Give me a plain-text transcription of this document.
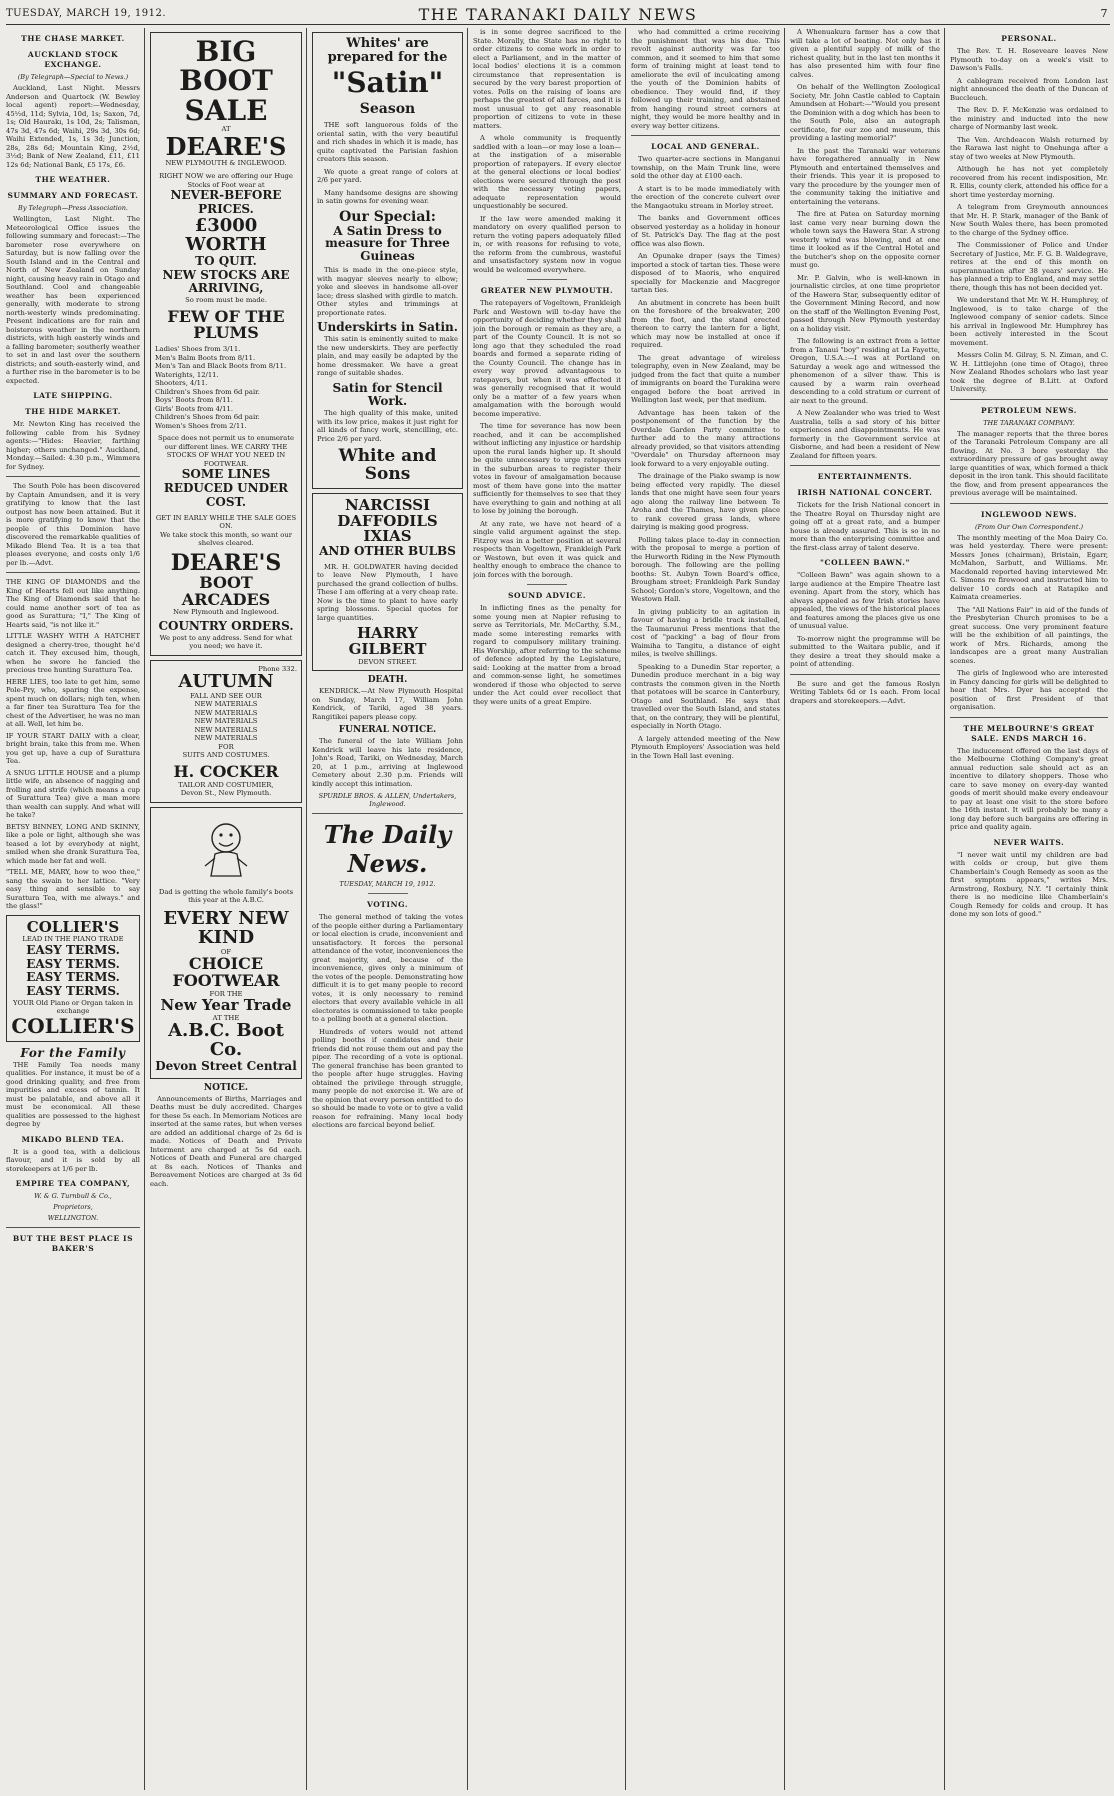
TUESDAY, MARCH 19, 1912.	THE TARANAKI DAILY NEWS	7
THE CHASE MARKET.
AUCKLAND STOCK EXCHANGE.
(By Telegraph—Special to News.)

Auckland, Last Night. Messrs Anderson and Quartock (W. Bewley local agent) report:—Wednesday, 45½d, 11d; Sylvia, 10d, 1s; Saxon, 7d, 1s; Old Haurakı, 1s 10d, 2s; Talisman, 47s 3d, 47s 6d; Waihi, 29s 3d, 30s 6d; Waihi Extended, 1s, 1s 3d; Junction, 28s, 28s 6d; Mountain King, 2½d, 3½d; Bank of New Zealand, £11, £11 12s 6d; National Bank, £5 17s, £6.

THE WEATHER.
SUMMARY AND FORECAST.
By Telegraph—Press Association.

Wellington, Last Night. The Meteorological Office issues the following summary and forecast:—The barometer rose everywhere on Saturday, but is now falling over the South Island and in the Central and North of New Zealand on Sunday night, causing heavy rain in Otago and Southland. Cool and changeable weather has been experienced generally, with moderate to strong north-westerly winds predominating. Present indications are for rain and boisterous weather in the northern districts, with high easterly winds and a falling barometer; southerly weather to set in and last over the southern districts; and south-easterly wind, and a further rise in the barometer is to be expected.

LATE SHIPPING.
THE HIDE MARKET.

Mr. Newton King has received the following cable from his Sydney agents:—"Hides: Heavier, farthing higher; others unchanged." Auckland, Monday.—Sailed: 4.30 p.m., Wimmera for Sydney.

The South Pole has been discovered by Captain Amundsen, and it is very gratifying to know that the last outpost has now been attained. But it is more gratifying to know that the people of this Dominion have discovered the remarkable qualities of Mikado Blend Tea. It is a tea that pleases everyone, and costs only 1/6 per lb.—Advt.

THE KING OF DIAMONDS and the King of Hearts fell out like anything. The King of Diamonds said that he could name another sort of tea as good as Surattura; "I," The King of Hearts said, "is not like it."

LITTLE WASHY WITH A HATCHET designed a cherry-tree, thought he'd catch it. They excused him, though, when he swore he fancied the precious tree hunting Surattura Tea.

HERE LIES, too late to get him, some Pole-Pry, who, sparing the expense, spent much on dollars; nigh ten, when a far finer tea Surattura Tea for the chest of the Advertiser, he was no man at all. Well, let him be.

IF YOUR START DAILY with a clear, bright brain, take this from me. When you get up, have a cup of Surattura Tea.

A SNUG LITTLE HOUSE and a plump little wife, an absence of nagging and frolling and strife (which means a cup of Surattura Tea) give a man more than wealth can supply. And what will he take?

BETSY BINNEY, LONG AND SKINNY, like a pole or light, although she was teased a lot by everybody at night, smiled when she drank Surattura Tea, which made her fat and well.

"TELL ME, MARY, how to woo thee," sang the swain to her lattice. "Very easy thing and sensible to say Surattura Tea, with me always." and the glass!"

COLLIER'S
LEAD IN THE PIANO TRADE
EASY TERMS.
EASY TERMS.
EASY TERMS.
EASY TERMS.
YOUR Old Piano or Organ taken in exchange
COLLIER'S
For the Family

THE Family Tea needs many qualities. For instance, it must be of a good drinking quality, and free from impurities and excess of tannin. It must be palatable, and above all it must be economical. All these qualities are possessed to the highest degree by

MIKADO BLEND TEA.

It is a good tea, with a delicious flavour, and it is sold by all storekeepers at 1/6 per lb.

EMPIRE TEA COMPANY,
W. & G. Turnbull & Co.,
Proprietors,
WELLINGTON.
BUT THE BEST PLACE IS BAKER'S
BIG BOOT SALE
AT
DEARE'S
NEW PLYMOUTH & INGLEWOOD.
RIGHT NOW we are offering our Huge Stocks of Foot wear at
NEVER-BEFORE PRICES.
£3000 WORTH
TO QUIT.
NEW STOCKS ARE ARRIVING,
So room must be made.
FEW OF THE PLUMS
Ladies' Shoes from 3/11.
Men's Balm Boots from 8/11.
Men's Tan and Black Boots from 8/11.
Waterights, 12/11.
Shooters, 4/11.
Children's Shoes from 6d pair.
Boys' Boots from 8/11.
Girls' Boots from 4/11.
Children's Shoes from 6d pair.
Women's Shoes from 2/11.
Space does not permit us to enumerate our different lines. WE CARRY THE STOCKS OF WHAT YOU NEED IN FOOTWEAR.
SOME LINES REDUCED UNDER COST.
GET IN EARLY WHILE THE SALE GOES ON.
We take stock this month, so want our shelves cleared.
DEARE'S
BOOT ARCADES
New Plymouth and Inglewood.
COUNTRY ORDERS.
We post to any address. Send for what you need; we have it.
Phone 332.
AUTUMN
FALL AND SEE OUR
NEW MATERIALS
NEW MATERIALS
NEW MATERIALS
NEW MATERIALS
NEW MATERIALS
FOR
SUITS AND COSTUMES.
H. COCKER
TAILOR AND COSTUMIER,
Devon St., New Plymouth.
Dad is getting the whole family's boots this year at the A.B.C.
EVERY NEW KIND
OF
CHOICE FOOTWEAR
FOR THE
New Year Trade
AT THE
A.B.C. Boot Co.
Devon Street Central
NOTICE.

Announcements of Births, Marriages and Deaths must be duly accredited. Charges for these 5s each. In Memoriam Notices are inserted at the same rates, but when verses are added an additional charge of 2s 6d is made. Notices of Death and Private Interment are charged at 5s 6d each. Notices of Death and Funeral are charged at 8s each. Notices of Thanks and Bereavement Notices are charged at 3s 6d each.

Whites' are
prepared for the
"Satin"
Season

THE soft languorous folds of the oriental satin, with the very beautiful and rich shades in which it is made, has quite captivated the Parisian fashion creators this season.

We quote a great range of colors at 2/6 per yard.

Many handsome designs are showing in satin gowns for evening wear.

Our Special:
A Satin Dress to measure for Three Guineas

This is made in the one-piece style, with magyar sleeves nearly to elbow; yoke and sleeves in handsome all-over lace; dress slashed with girdle to match. Other styles and trimmings at proportionate rates.

Underskirts in Satin.

This satin is eminently suited to make the new underskirts. They are perfectly plain, and may easily be adapted by the home dressmaker. We have a great range of suitable shades.

Satin for Stencil Work.

The high quality of this make, united with its low price, makes it just right for all kinds of fancy work, stencilling, etc. Price 2/6 per yard.

White and Sons
NARCISSI
DAFFODILS
IXIAS
AND OTHER BULBS

MR. H. GOLDWATER having decided to leave New Plymouth, I have purchased the grand collection of bulbs. These I am offering at a very cheap rate. Now is the time to plant to have early spring blossoms. Special quotes for large quantities.

HARRY GILBERT
DEVON STREET.
DEATH.

KENDRICK.—At New Plymouth Hospital on Sunday, March 17, William John Kendrick, of Tariki, aged 38 years. Rangitikei papers please copy.

FUNERAL NOTICE.

The funeral of the late William John Kendrick will leave his late residence, John's Road, Tariki, on Wednesday, March 20, at 1 p.m., arriving at Inglewood Cemetery about 2.30 p.m. Friends will kindly accept this intimation.

SPURDLE BROS. & ALLEN, Undertakers, Inglewood.
The Daily News.
TUESDAY, MARCH 19, 1912.
VOTING.

The general method of taking the votes of the people either during a Parliamentary or local election is crude, inconvenient and unsatisfactory. It forces the personal attendance of the voter, inconveniences the great majority, and, because of the inconvenience, gives only a minimum of the votes of the people. Demonstrating how difficult it is to get many people to record votes, it is only necessary to remind electors that every available vehicle in all electorates is commissioned to take people to a polling booth at a general election.

Hundreds of voters would not attend polling booths if candidates and their friends did not rouse them out and pay the piper. The recording of a vote is optional. The general franchise has been granted to the people after huge struggles. Having obtained the privilege through struggle, many people do not exercise it. We are of the opinion that every person entitled to do so should be made to vote or to give a valid reason for refraining. Many local body elections are farcical beyond belief.

is in some degree sacrificed to the State. Morally, the State has no right to order citizens to come work in order to elect a Parliament, and in the matter of local bodies' elections it is a common circumstance that representation is secured by the very barest proportion of votes. Polls on the raising of loans are perhaps the greatest of all farces, and it is most unusual to get any reasonable proportion of citizens to vote in these matters.

A whole community is frequently saddled with a loan—or may lose a loan—at the instigation of a miserable proportion of ratepayers. If every elector at the general elections or local bodies' elections were secured through the post with the necessary voting papers, adequate representation would unquestionably be secured.

If the law were amended making it mandatory on every qualified person to return the voting papers adequately filled in, or with reasons for refusing to vote, the reform from the cumbrous, wasteful and unsatisfactory system now in vogue would be welcomed everywhere.

GREATER NEW PLYMOUTH.

The ratepayers of Vogeltown, Frankleigh Park and Westown will to-day have the opportunity of deciding whether they shall join the borough or remain as they are, a part of the County Council. It is not so long ago that they scheduled the road boards and formed a separate riding of the County Council. The change has in every way proved advantageous to ratepayers, but when it was effected it was generally recognised that it would only be a matter of a few years when amalgamation with the borough would become imperative.

The time for severance has now been reached, and it can be accomplished without inflicting any injustice or hardship upon the rural lands higher up. It should be quite unnecessary to urge ratepayers in the suburban areas to register their votes in favour of amalgamation because most of them have gone into the matter sufficiently for themselves to see that they have everything to gain and nothing at all to lose by joining the borough.

At any rate, we have not heard of a single valid argument against the step. Fitzroy was in a better position at several respects than Vogeltown, Frankleigh Park or Westown, but even it was quick and healthy enough to embrace the chance to join forces with the borough.

SOUND ADVICE.

In inflicting fines as the penalty for some young men at Napier refusing to serve as Territorials, Mr. McCarthy, S.M., made some interesting remarks with regard to compulsory military training. His Worship, after referring to the scheme of defence adopted by the Legislature, said: Looking at the matter from a broad and common-sense light, he sometimes wondered if those who objected to serve under the Act could ever recollect that they were units of a great Empire.

who had committed a crime receiving the punishment that was his due. This revolt against authority was far too common, and it seemed to him that some form of training might at least tend to ameliorate the evil of inculcating among the youth of the Dominion habits of obedience. They would find, if they followed up their training, and abstained from hanging round street corners at night, they would be more healthy and in every way better citizens.

LOCAL AND GENERAL.

Two quarter-acre sections in Manganui township, on the Main Trunk line, were sold the other day at £100 each.

A start is to be made immediately with the erection of the concrete culvert over the Mangaotuku stream in Morley street.

The banks and Government offices observed yesterday as a holiday in honour of St. Patrick's Day. The flag at the post office was also flown.

An Opunake draper (says the Times) imported a stock of tartan ties. These were disposed of to Maoris, who enquired specially for Mackenzie and Macgregor tartan ties.

An abutment in concrete has been built on the foreshore of the breakwater, 200 from the foot, and the stand erected thereon to carry the lantern for a light, which may now be installed at once if required.

The great advantage of wireless telegraphy, even in New Zealand, may be judged from the fact that quite a number of immigrants on board the Turakina were engaged before the boat arrived in Wellington last week, per that medium.

Advantage has been taken of the postponement of the function by the Overdale Garden Party committee to further add to the many attractions already provided, so that visitors attending "Overdale" on Thursday afternoon may look forward to a very enjoyable outing.

The drainage of the Piako swamp is now being effected very rapidly. The diesel lands that one might have seen four years ago along the railway line between Te Aroha and the Thames, have given place to rank covered grass lands, where dairying is making good progress.

Polling takes place to-day in connection with the proposal to merge a portion of the Hurworth Riding in the New Plymouth borough. The following are the polling booths: St. Aubyn Town Board's office, Brougham street; Frankleigh Park Sunday School; Gordon's store, Vogeltown, and the Westown Hall.

In giving publicity to an agitation in favour of having a bridle track installed, the Taumarunui Press mentions that the cost of "packing" a bag of flour from Waimiha to Tangitu, a distance of eight miles, is twelve shillings.

Speaking to a Dunedin Star reporter, a Dunedin produce merchant in a big way contrasts the common given in the North that potatoes will be scarce in Canterbury, Otago and Southland. He says that travelled over the South Island, and states that, on the contrary, they will be plentiful, especially in North Otago.

A largely attended meeting of the New Plymouth Employers' Association was held in the Town Hall last evening.

A Whenuakura farmer has a cow that will take a lot of beating. Not only has it given a plentiful supply of milk of the richest quality, but in the last ten months it has also presented him with four fine calves.

On behalf of the Wellington Zoological Society, Mr. John Castle cabled to Captain Amundsen at Hobart:—"Would you present the Dominion with a dog which has been to the South Pole, also an autograph certificate, for our zoo and museum, this providing a lasting memorial?"

In the past the Taranaki war veterans have foregathered annually in New Plymouth and entertained themselves and their friends. This year it is proposed to vary the procedure by the younger men of the community taking the initiative and entertaining the veterans.

The fire at Patea on Saturday morning last came very near burning down the whole town says the Hawera Star. A strong westerly wind was blowing, and at one time it looked as if the Central Hotel and the butcher's shop on the opposite corner must go.

Mr. P. Galvin, who is well-known in journalistic circles, at one time proprietor of the Hawera Star, subsequently editor of the Government Mining Record, and now on the staff of the Wellington Evening Post, passed through New Plymouth yesterday on a holiday visit.

The following is an extract from a letter from a Tanaui "boy" residing at La Fayette, Oregon, U.S.A.:—I was at Portland on Saturday a week ago and witnessed the phenomenon of a silver thaw. This is caused by a warm rain overhead descending to a cold stratum or current of air next to the ground.

A New Zealander who was tried to West Australia, tells a sad story of his bitter experiences and disappointments. He was formerly in the Government service at Gisborne, and had been a resident of New Zealand for fifteen years.

ENTERTAINMENTS.
IRISH NATIONAL CONCERT.

Tickets for the Irish National concert in the Theatre Royal on Thursday night are going off at a great rate, and a bumper house is already assured. This is so in no more than the enterprising committee and the first-class array of talent deserve.

"COLLEEN BAWN."

"Colleen Bawn" was again shown to a large audience at the Empire Theatre last evening. Apart from the story, which has always appealed as few Irish stories have appealed, the views of the historical places and features among the places give us one of unusual value.

To-morrow night the programme will be submitted to the Waitara public, and if they desire a treat they should make a point of attending.

Be sure and get the famous Roslyn Writing Tablets 6d or 1s each. From local drapers and storekeepers.—Advt.

PERSONAL.

The Rev. T. H. Roseveare leaves New Plymouth to-day on a week's visit to Dawson's Falls.

A cablegram received from London last night announced the death of the Duncan of Buccleuch.

The Rev. D. F. McKenzie was ordained to the ministry and inducted into the new charge of Normanby last week.

The Ven. Archdeacon Walsh returned by the Rarawa last night to Onehunga after a stay of two weeks at New Plymouth.

Although he has not yet completely recovered from his recent indisposition, Mr. R. Ellis, county clerk, attended his office for a short time yesterday morning.

A telegram from Greymouth announces that Mr. H. P. Stark, manager of the Bank of New South Wales there, has been promoted to the charge of the Sydney office.

The Commissioner of Police and Under Secretary of Justice, Mr. F. G. B. Waldegrave, retires at the end of this month on superannuation after 38 years' service. He has planned a trip to England, and may settle there, though this has not been decided yet.

We understand that Mr. W. H. Humphrey, of Inglewood, is to take charge of the Inglewood company of senior cadets. Since his arrival in Inglewood Mr. Humphrey has been actively interested in the Scout movement.

Messrs Colin M. Gilray, S. N. Ziman, and C. W. H. Littlejohn (one time of Otago), three New Zealand Rhodes scholars who last year took the degree of B.Litt. at Oxford University.

PETROLEUM NEWS.
THE TARANAKI COMPANY.

The manager reports that the three bores of the Taranaki Petroleum Company are all flowing. At No. 3 bore yesterday the extraordinary pressure of gas brought away large quantities of wax, which formed a thick deposit in the iron tank. This should facilitate the flow, and from present appearances the previous average will be maintained.

INGLEWOOD NEWS.
(From Our Own Correspondent.)

The monthly meeting of the Moa Dairy Co. was held yesterday. There were present: Messrs Jones (chairman), Bristain, Egarr, McMahon, Sarbutt, and Williams. Mr. Macdonald reported having interviewed Mr. G. Simons re firewood and instructed him to deliver 10 cords each at Ratapiko and Kaimata creameries.

The "All Nations Fair" in aid of the funds of the Presbyterian Church promises to be a great success. One very prominent feature will be the exhibition of all paintings, the work of Mrs. Richards, among the landscapes are a great many Australian scenes.

The girls of Inglewood who are interested in Fancy dancing for girls will be delighted to hear that Mrs. Dyer has accepted the position of first President of that organisation.

THE MELBOURNE'S GREAT SALE. ENDS MARCH 16.

The inducement offered on the last days of the Melbourne Clothing Company's great annual reduction sale should act as an incentive to dilatory shoppers. Those who care to save money on every-day wanted goods of merit should make every endeavour to pay at least one visit to the store before the 16th instant. It will probably be many a long day before such bargains are offering in price and quality again.

NEVER WAITS.

"I never wait until my children are bad with colds or croup, but give them Chamberlain's Cough Remedy as soon as the first symptom appears," writes Mrs. Armstrong, Roxbury, N.Y. "I certainly think there is no medicine like Chamberlain's Cough Remedy for colds and croup. It has done my son lots of good."
